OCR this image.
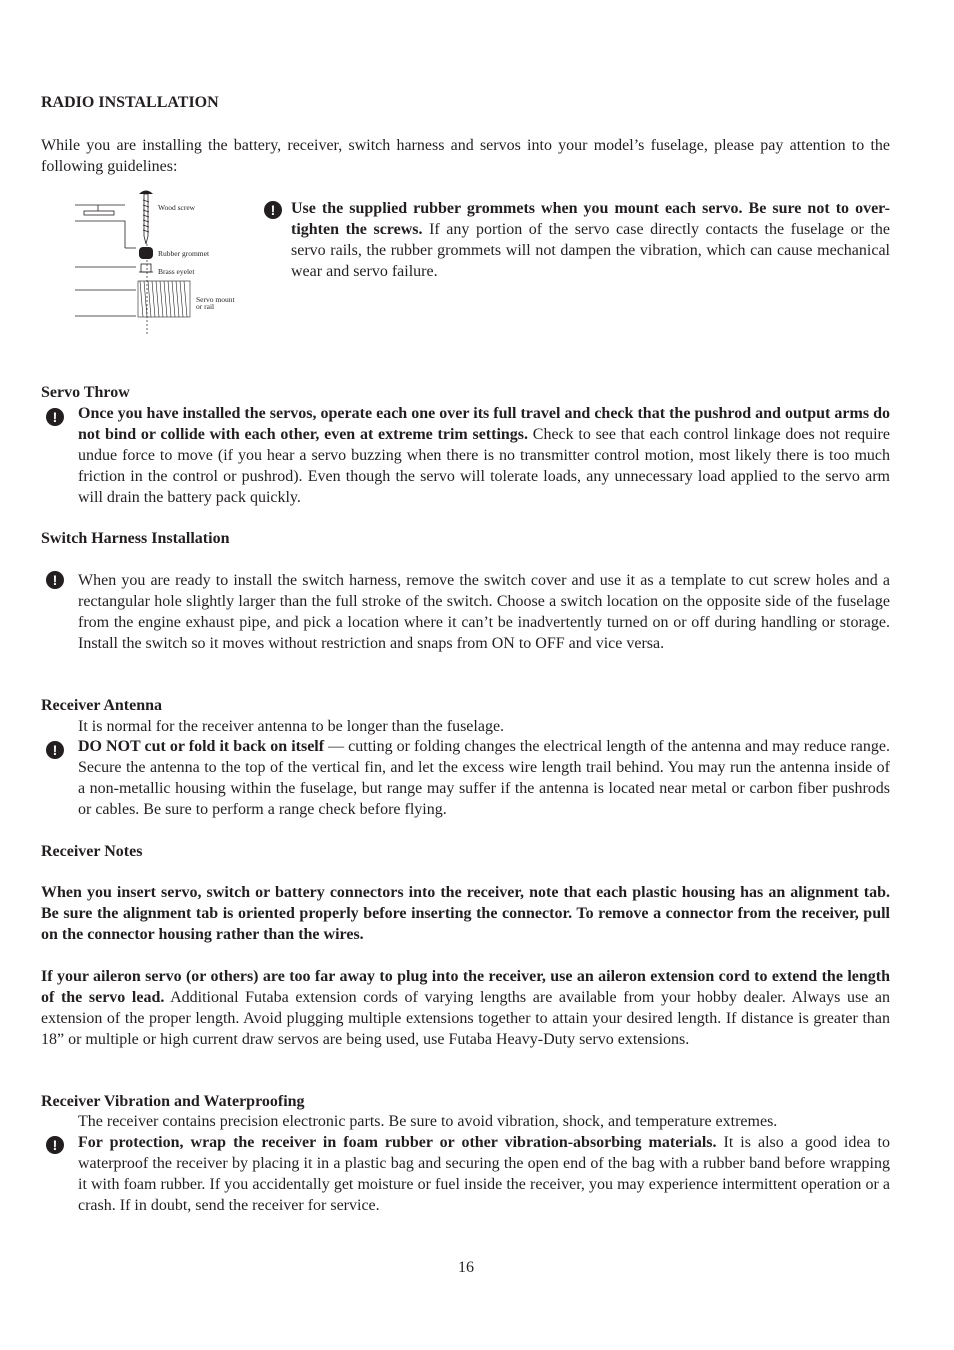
RADIO INSTALLATION
While you are installing the battery, receiver, switch harness and servos into your model’s fuselage, please pay attention to the following guidelines:
Wood screw
Rubber grommet
Brass eyelet
Servo mount
or rail
! Use the supplied rubber grommets when you mount each servo. Be sure not to over-tighten the screws. If any portion of the servo case directly contacts the fuselage or the servo rails, the rubber grommets will not dampen the vibration, which can cause mechanical wear and servo failure.
Servo Throw
!	Once you have installed the servos, operate each one over its full travel and check that the pushrod and output arms do not bind or collide with each other, even at extreme trim settings. Check to see that each control linkage does not require undue force to move (if you hear a servo buzzing when there is no transmitter control motion, most likely there is too much friction in the control or pushrod). Even though the servo will tolerate loads, any unnecessary load applied to the servo arm will drain the battery pack quickly.
Switch Harness Installation
!	When you are ready to install the switch harness, remove the switch cover and use it as a template to cut screw holes and a rectangular hole slightly larger than the full stroke of the switch. Choose a switch location on the opposite side of the fuselage from the engine exhaust pipe, and pick a location where it can’t be inadvertently turned on or off during handling or storage. Install the switch so it moves without restriction and snaps from ON to OFF and vice versa.
Receiver Antenna
It is normal for the receiver antenna to be longer than the fuselage.
!	DO NOT cut or fold it back on itself — cutting or folding changes the electrical length of the antenna and may reduce range. Secure the antenna to the top of the vertical fin, and let the excess wire length trail behind. You may run the antenna inside of a non-metallic housing within the fuselage, but range may suffer if the antenna is located near metal or carbon fiber pushrods or cables. Be sure to perform a range check before flying.
Receiver Notes
When you insert servo, switch or battery connectors into the receiver, note that each plastic housing has an alignment tab. Be sure the alignment tab is oriented properly before inserting the connector. To remove a connector from the receiver, pull on the connector housing rather than the wires.
If your aileron servo (or others) are too far away to plug into the receiver, use an aileron extension cord to extend the length of the servo lead. Additional Futaba extension cords of varying lengths are available from your hobby dealer. Always use an extension of the proper length. Avoid plugging multiple extensions together to attain your desired length. If distance is greater than 18” or multiple or high current draw servos are being used, use Futaba Heavy-Duty servo extensions.
Receiver Vibration and Waterproofing
The receiver contains precision electronic parts. Be sure to avoid vibration, shock, and temperature extremes.
!	For protection, wrap the receiver in foam rubber or other vibration-absorbing materials. It is also a good idea to waterproof the receiver by placing it in a plastic bag and securing the open end of the bag with a rubber band before wrapping it with foam rubber. If you accidentally get moisture or fuel inside the receiver, you may experience intermittent operation or a crash. If in doubt, send the receiver for service.
16
